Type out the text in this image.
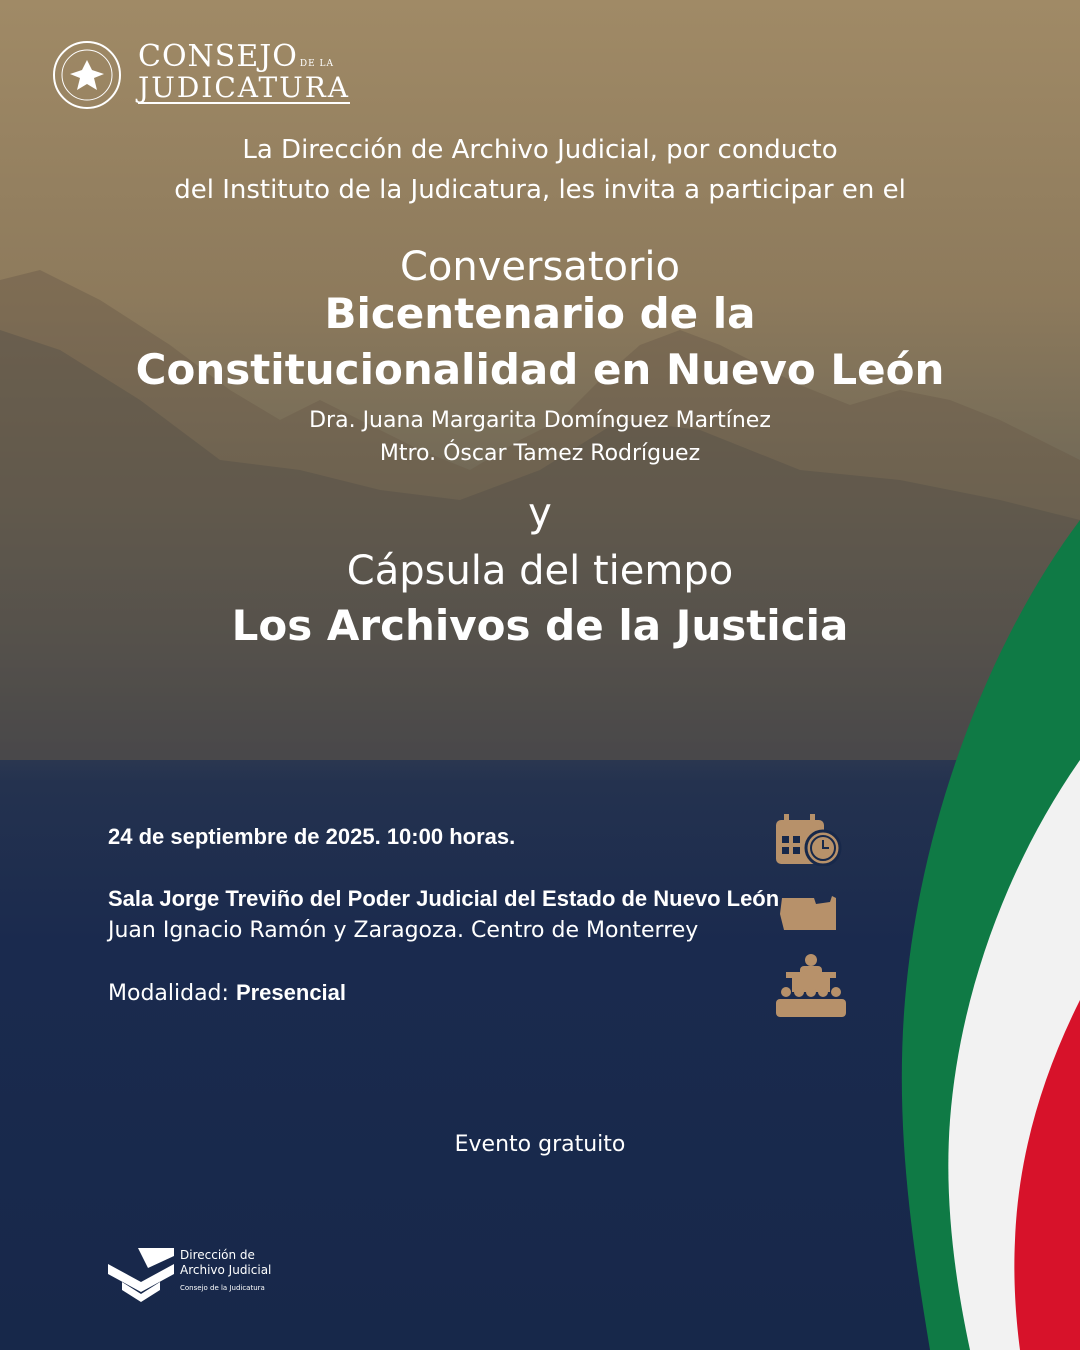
CONSEJO DE LA
JUDICATURA
La Dirección de Archivo Judicial, por conducto
del Instituto de la Judicatura, les invita a participar en el
Conversatorio
Bicentenario de la
Constitucionalidad en Nuevo León
Dra. Juana Margarita Domínguez Martínez
Mtro. Óscar Tamez Rodríguez
y
Cápsula del tiempo
Los Archivos de la Justicia
24 de septiembre de 2025. 10:00 horas.
Sala Jorge Treviño del Poder Judicial del Estado de Nuevo León
Juan Ignacio Ramón y Zaragoza. Centro de Monterrey
Modalidad: Presencial
Evento gratuito
Dirección de
Archivo Judicial
Consejo de la Judicatura
